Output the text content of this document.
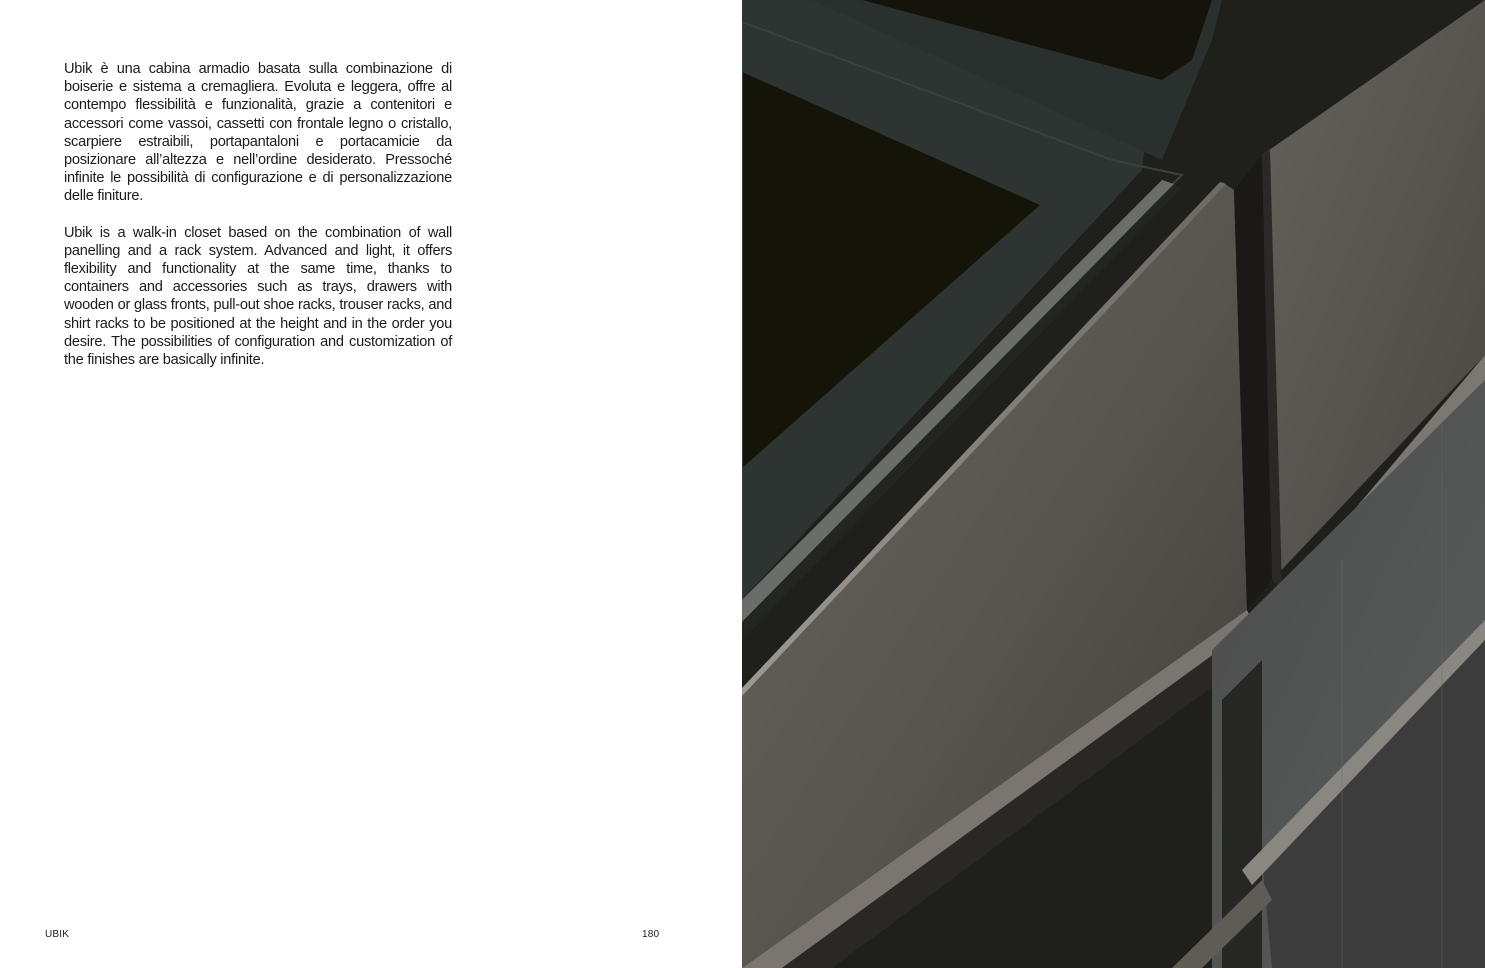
Ubik è una cabina armadio basata sulla combinazione di boiserie e sistema a cremagliera. Evoluta e leggera, offre al contempo flessibilità e funzionalità, grazie a contenitori e accessori come vassoi, cassetti con frontale legno o cristallo, scarpiere estraibili, portapantaloni e portacamicie da posizionare all’altezza e nell’ordine desiderato. Pressoché infinite le possibilità di configurazione e di personalizzazione delle finiture.

Ubik is a walk-in closet based on the combination of wall panelling and a rack system. Advanced and light, it offers flexibility and functionality at the same time, thanks to containers and accessories such as trays, drawers with wooden or glass fronts, pull-out shoe racks, trouser racks, and shirt racks to be positioned at the height and in the order you desire. The possibilities of configuration and customization of the finishes are basically infinite.

UBIK	180
